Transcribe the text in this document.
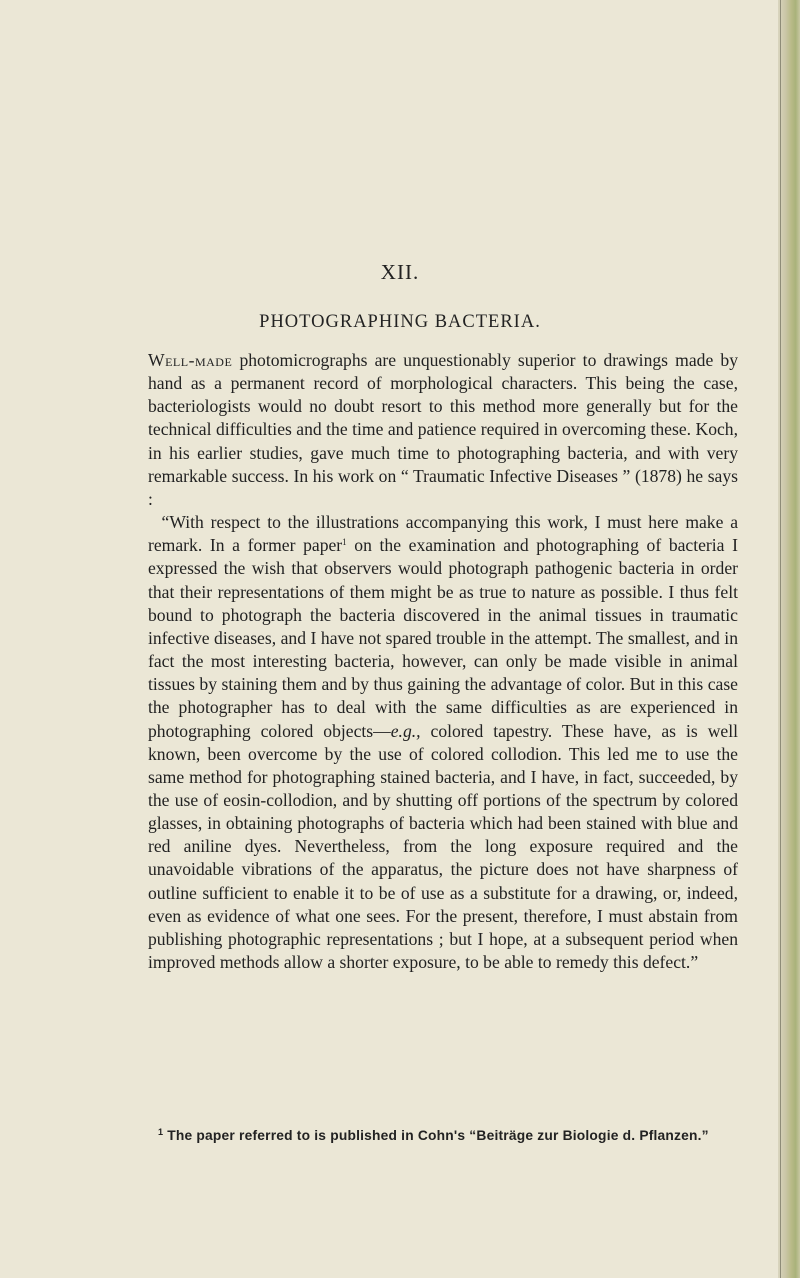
XII.
PHOTOGRAPHING BACTERIA.

Well-made photomicrographs are unquestionably superior to drawings made by hand as a permanent record of morphological characters. This being the case, bacteriologists would no doubt resort to this method more generally but for the technical difficulties and the time and patience required in overcoming these. Koch, in his earlier studies, gave much time to photographing bacteria, and with very remarkable success. In his work on “ Traumatic Infective Diseases ” (1878) he says :

“With respect to the illustrations accompanying this work, I must here make a remark. In a former paper$^1$ on the examination and photographing of bacteria I expressed the wish that observers would photograph pathogenic bacteria in order that their representations of them might be as true to nature as possible. I thus felt bound to photograph the bacteria discovered in the animal tissues in traumatic infective diseases, and I have not spared trouble in the attempt. The smallest, and in fact the most interesting bacteria, however, can only be made visible in animal tissues by staining them and by thus gaining the advantage of color. But in this case the photographer has to deal with the same difficulties as are experienced in photographing colored objects—e.g., colored tapestry. These have, as is well known, been overcome by the use of colored collodion. This led me to use the same method for photographing stained bacteria, and I have, in fact, succeeded, by the use of eosin-collodion, and by shutting off portions of the spectrum by colored glasses, in obtaining photographs of bacteria which had been stained with blue and red aniline dyes. Nevertheless, from the long exposure required and the unavoidable vibrations of the apparatus, the picture does not have sharpness of outline sufficient to enable it to be of use as a substitute for a drawing, or, indeed, even as evidence of what one sees. For the present, therefore, I must abstain from publishing photographic representations ; but I hope, at a subsequent period when improved methods allow a shorter exposure, to be able to remedy this defect.”

$^1$ The paper referred to is published in Cohn's “Beiträge zur Biologie d. Pflanzen.”
